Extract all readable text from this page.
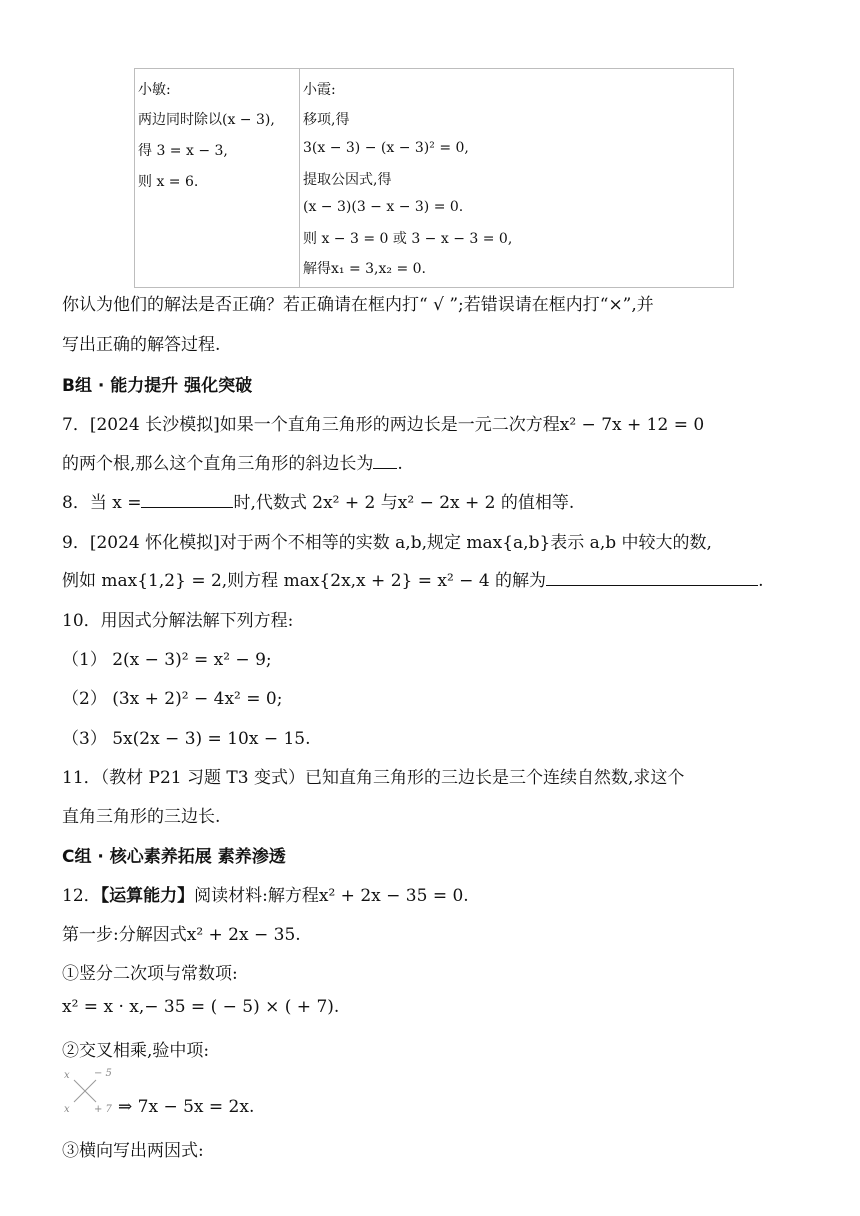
小敏:
两边同时除以(x − 3),
得 3 = x − 3,
则 x = 6.
小霞:
移项,得
3(x − 3) − (x − 3)² = 0,
提取公因式,得
(x − 3)(3 − x − 3) = 0.
则 x − 3 = 0 或 3 − x − 3 = 0,
解得x₁ = 3,x₂ = 0.
你认为他们的解法是否正确？若正确请在框内打“ √ ”;若错误请在框内打“×”,并
写出正确的解答过程.
B组 · 能力提升 强化突破
7．[2024 长沙模拟]如果一个直角三角形的两边长是一元二次方程x² − 7x + 12 = 0
的两个根,那么这个直角三角形的斜边长为 .
8．当 x =	时,代数式 2x² + 2 与x² − 2x + 2 的值相等.
9．[2024 怀化模拟]对于两个不相等的实数 a,b,规定 max{a,b}表示 a,b 中较大的数,
例如 max{1,2} = 2,则方程 max{2x,x + 2} = x² − 4 的解为	.
10．用因式分解法解下列方程:
（1） 2(x − 3)² = x² − 9;
（2） (3x + 2)² − 4x² = 0;
（3） 5x(2x − 3) = 10x − 15.
11．（教材 P21 习题 T3 变式）已知直角三角形的三边长是三个连续自然数,求这个
直角三角形的三边长.
C组 · 核心素养拓展 素养渗透
12．【运算能力】阅读材料:解方程x² + 2x − 35 = 0.
第一步:分解因式x² + 2x − 35.
①竖分二次项与常数项:
x² = x · x,− 35 = ( − 5) × ( + 7).
②交叉相乘,验中项:
x − 5
x + 7 ⇒ 7x − 5x = 2x.
③横向写出两因式:
